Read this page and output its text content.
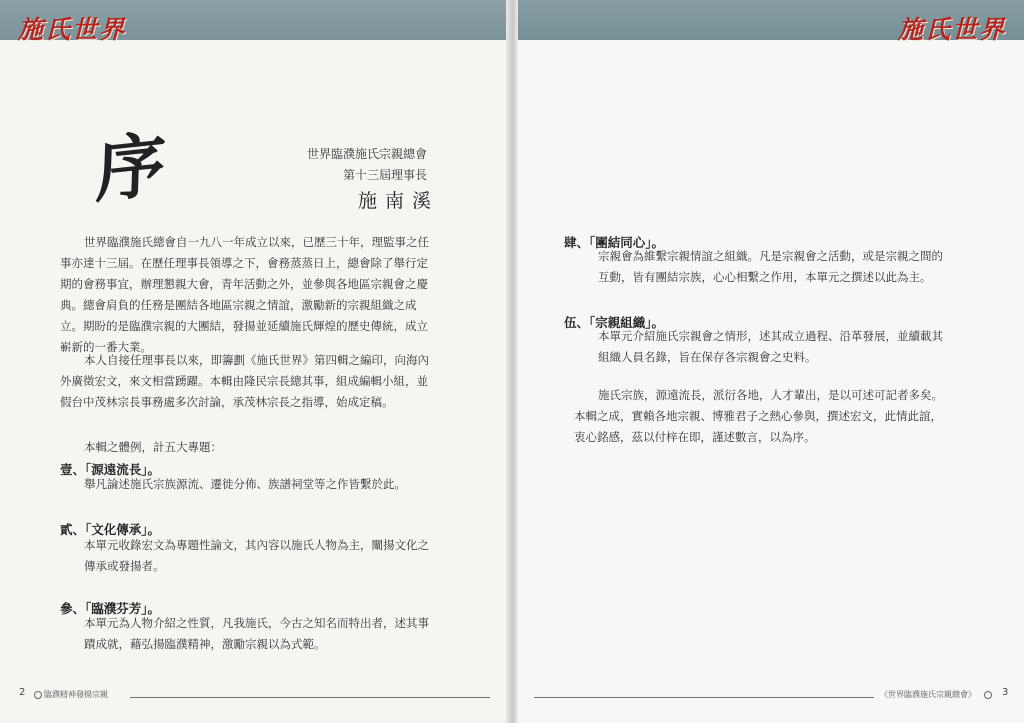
施氏世界
序	世界臨濮施氏宗親總會
第十三屆理事長
施南溪

世界臨濮施氏總會自一九八一年成立以來，已歷三十年，理監事之任

事亦達十三屆。在歷任理事長領導之下，會務蒸蒸日上，總會除了舉行定
期的會務事宜，辦理懇親大會，青年活動之外，並參與各地區宗親會之慶
典。總會肩負的任務是團結各地區宗親之情誼，激勵新的宗親組織之成
立。期盼的是臨濮宗親的大團結，發揚並延續施氏輝煌的歷史傳統，成立
嶄新的一番大業。

本人自接任理事長以來，即籌劃《施氏世界》第四輯之編印，向海內

外廣徵宏文，來文相當踴躍。本輯由隆民宗長總其事，組成編輯小組，並
假台中茂林宗長事務處多次討論，承茂林宗長之指導，始成定稿。
本輯之體例，計五大專題：
壹、「源遠流長」。
舉凡論述施氏宗族源流、遷徙分佈、族譜祠堂等之作皆繫於此。
貳、「文化傳承」。
本單元收錄宏文為專題性論文，其內容以施氏人物為主，闡揚文化之
傳承或發揚者。
參、「臨濮芬芳」。
本單元為人物介紹之性質，凡我施氏，今古之知名而特出者，述其事
蹟成就，藉弘揚臨濮精神，激勵宗親以為式範。
2 臨濮精神發揚宗親
施氏世界
肆、「團結同心」。
宗親會為維繫宗親情誼之組織。凡是宗親會之活動，或是宗親之間的
互動，皆有團結宗族，心心相繫之作用，本單元之撰述以此為主。
伍、「宗親組織」。
本單元介紹施氏宗親會之情形，述其成立過程、沿革發展，並續載其
組織人員名錄，旨在保存各宗親會之史料。
施氏宗族，源遠流長，派衍各地，人才輩出，是以可述可記者多矣。
本輯之成，實賴各地宗親、博雅君子之熱心參與，撰述宏文，此情此誼，
衷心銘感，茲以付梓在即，謹述數言，以為序。
《世界臨濮施氏宗親總會》	3
